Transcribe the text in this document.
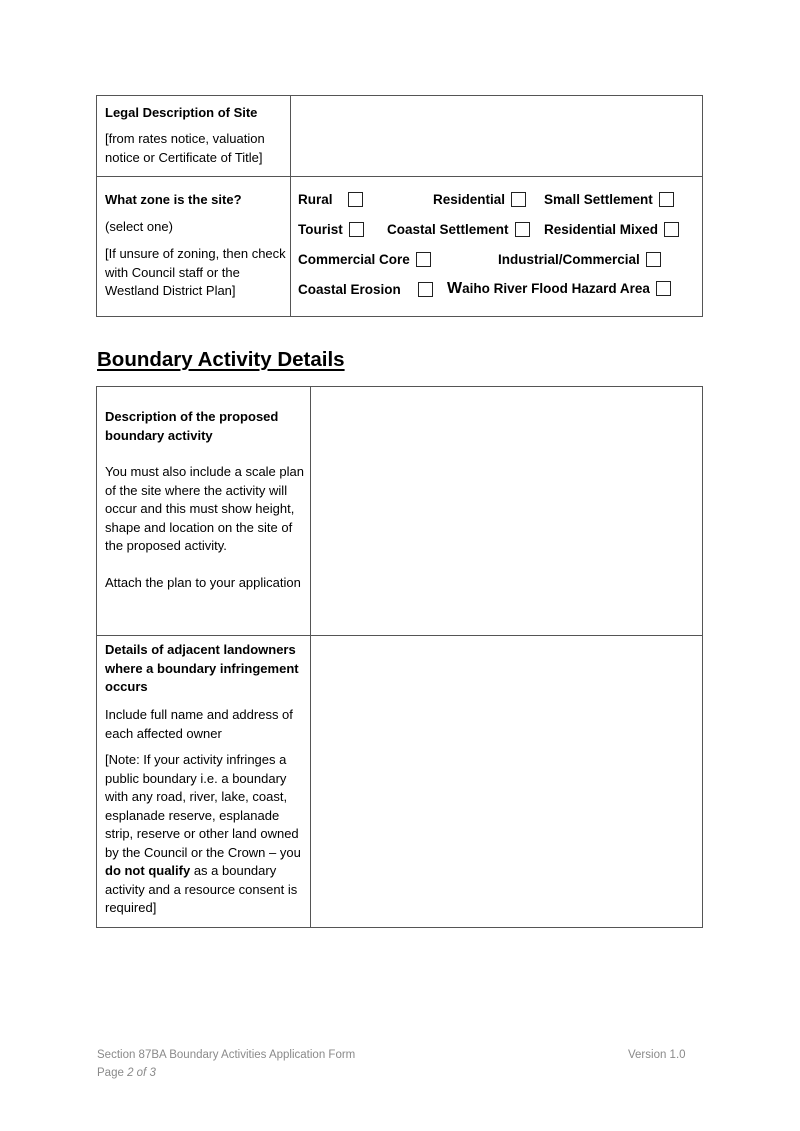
Legal Description of Site
[from rates notice, valuation notice or Certificate of Title]
What zone is the site?
(select one)
[If unsure of zoning, then check with Council staff or the Westland District Plan]
Rural	Residential	Small Settlement
Tourist	Coastal Settlement	Residential Mixed
Commercial Core	Industrial/Commercial
Coastal Erosion	Waiho River Flood Hazard Area
Boundary Activity Details
Description of the proposed boundary activity
You must also include a scale plan of the site where the activity will occur and this must show height, shape and location on the site of the proposed activity.
Attach the plan to your application
Details of adjacent landowners where a boundary infringement occurs
Include full name and address of each affected owner
[Note: If your activity infringes a public boundary i.e. a boundary with any road, river, lake, coast, esplanade reserve, esplanade strip, reserve or other land owned by the Council or the Crown – you do not qualify as a boundary activity and a resource consent is required]
Section 87BA Boundary Activities Application Form	Version 1.0
Page 2 of 3
